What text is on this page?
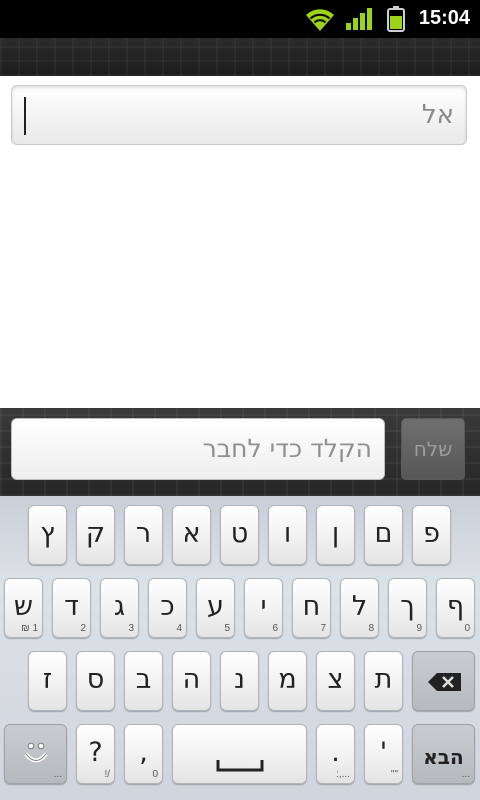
15:04
אל
הקלד כדי לחבר	שלח
ץ	ק	ר	א	ט	ו	ן	ם	פ
ש
₪ 1
ד
2
ג
3
כ
4
ע
5
י
6
ח
7
ל
8
ך
9
ף
0
ז	ס	ב	ה	נ	מ	צ	ת
...
?
!/
,
0
.
:,...
'
""
הבא
...
